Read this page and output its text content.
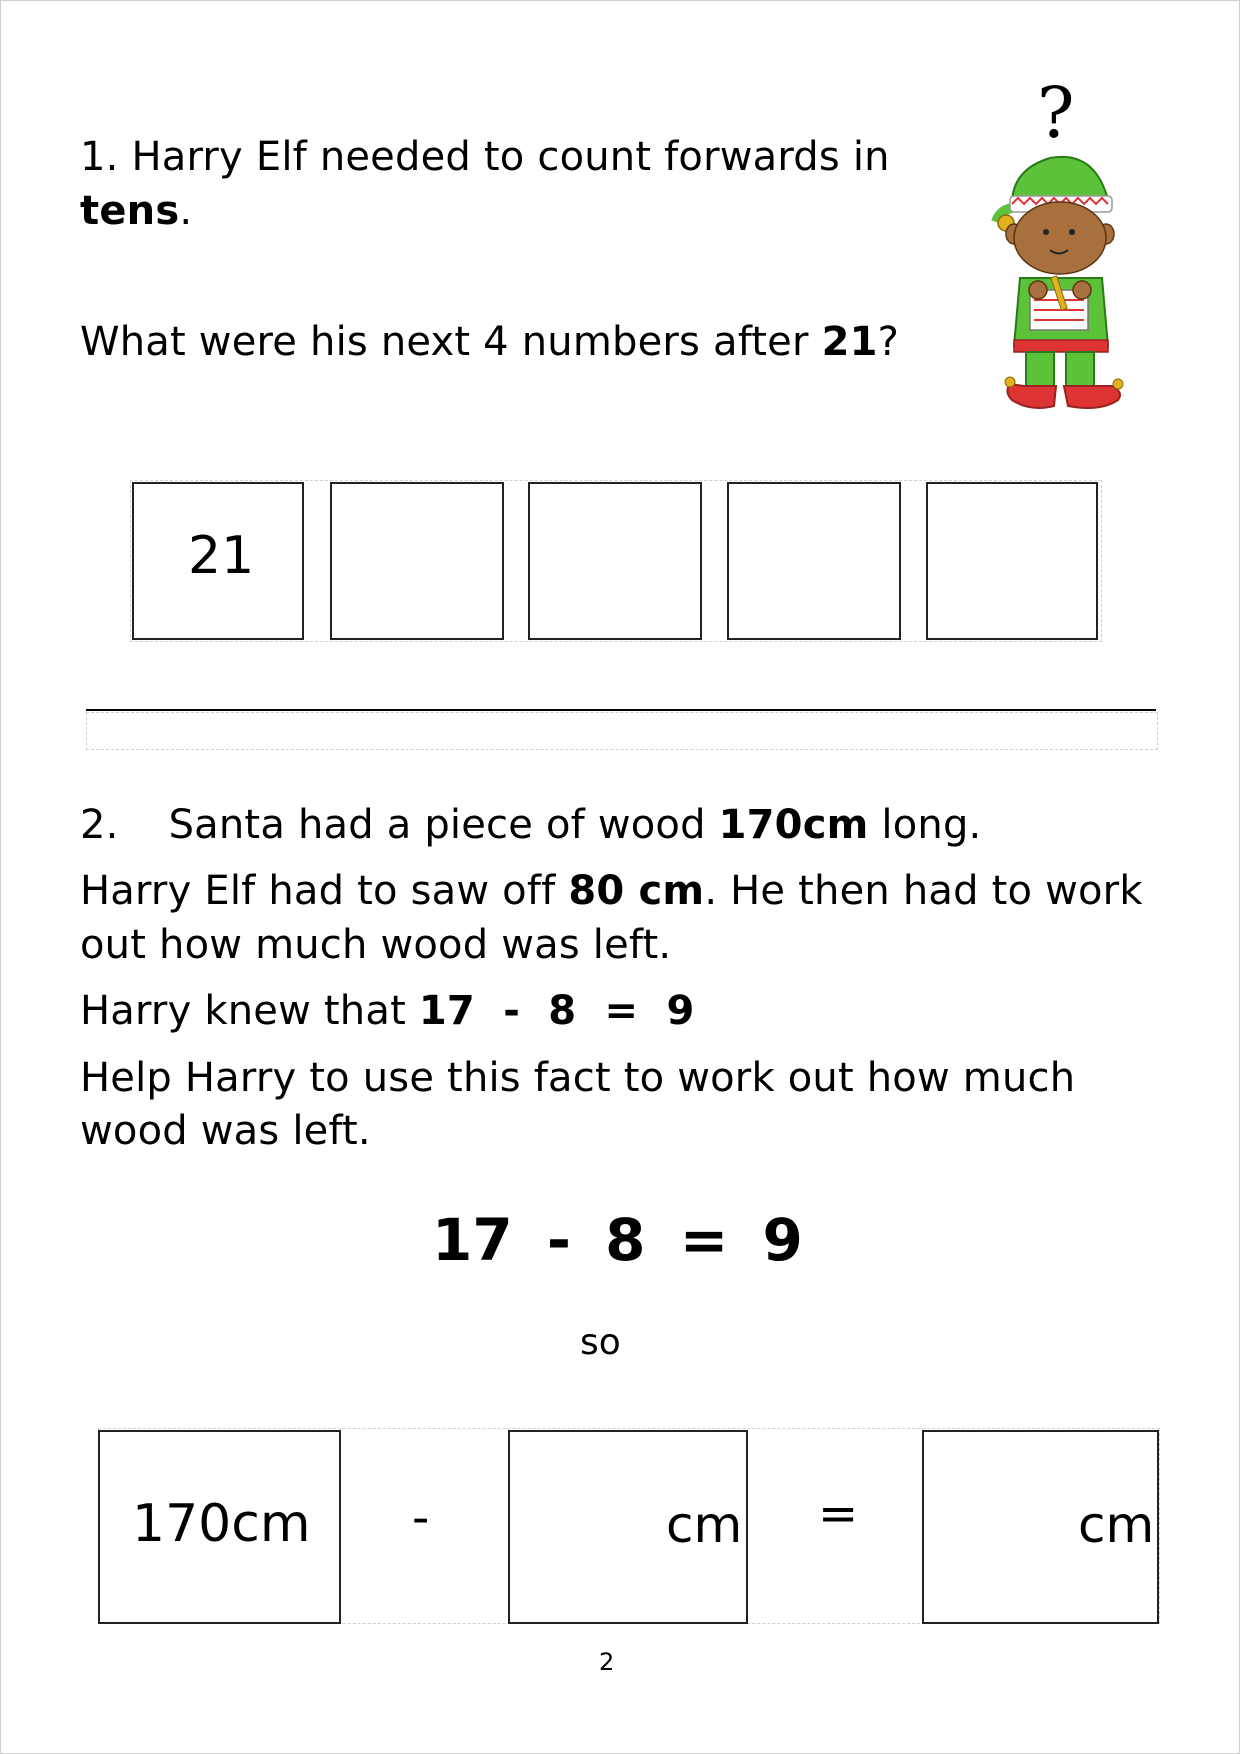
1. Harry Elf needed to count forwards in
tens.
What were his next 4 numbers after 21?
?
21
2. Santa had a piece of wood 170cm long.
Harry Elf had to saw off 80 cm. He then had to work
out how much wood was left.
Harry knew that 17  -  8  =  9
Help Harry to use this fact to work out how much
wood was left.
17 - 8 = 9
so
170cm -	cm =	cm
2
